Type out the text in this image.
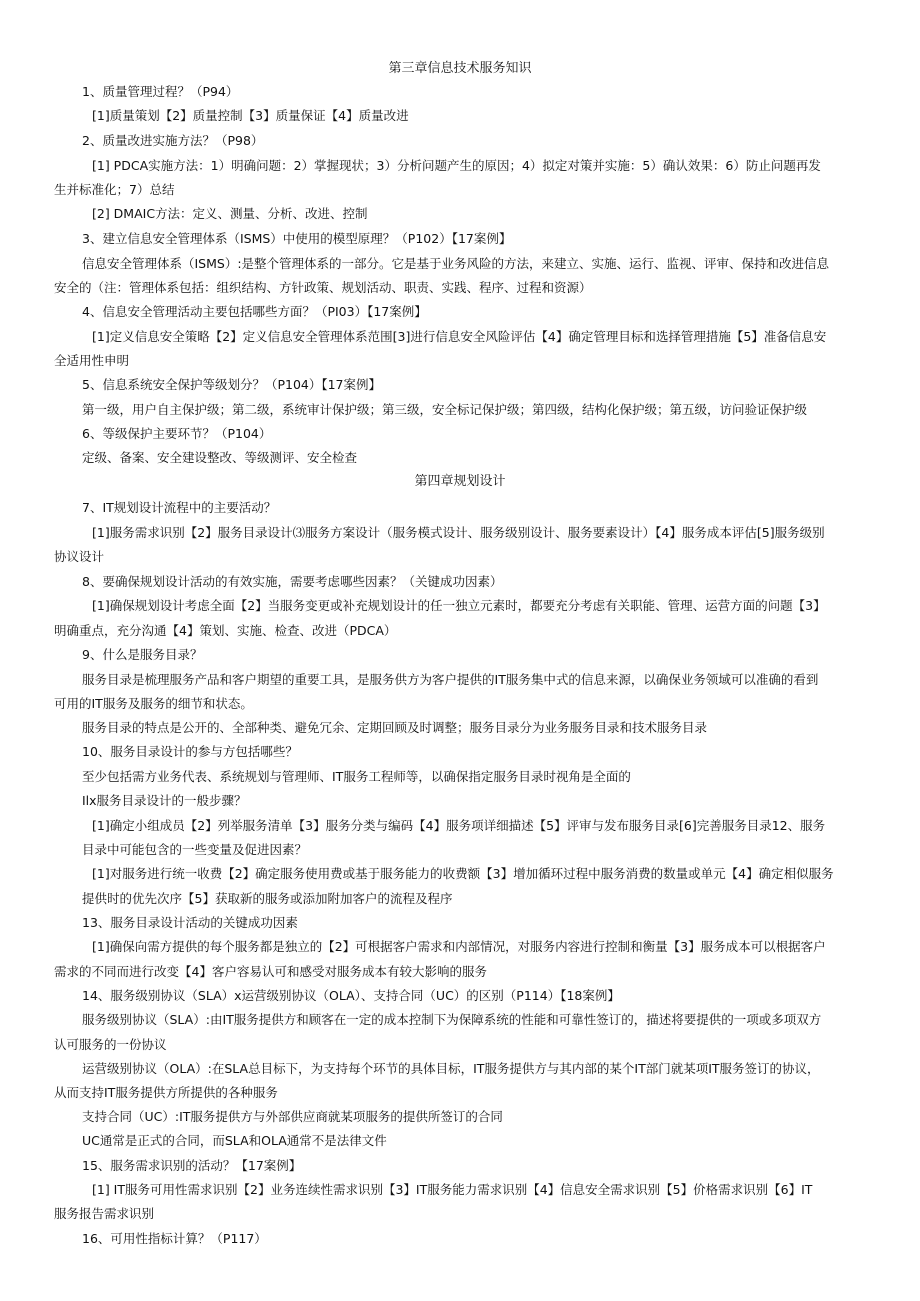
第三章信息技术服务知识
1、质量管理过程？（P94）
[1]质量策划【2】质量控制【3】质量保证【4】质量改进
2、质量改进实施方法？（P98）
[1] PDCA实施方法：1）明确问题：2）掌握现状；3）分析问题产生的原因；4）拟定对策并实施：5）确认效果：6）防止问题再发
生并标准化；7）总结
[2] DMAIC方法：定义、测量、分析、改进、控制
3、建立信息安全管理体系（ISMS）中使用的模型原理？（P102）【17案例】
信息安全管理体系（ISMS）:是整个管理体系的一部分。它是基于业务风险的方法，来建立、实施、运行、监视、评审、保持和改进信息
安全的（注：管理体系包括：组织结构、方针政策、规划活动、职责、实践、程序、过程和资源）
4、信息安全管理活动主要包括哪些方面？（PI03）【17案例】
[1]定义信息安全策略【2】定义信息安全管理体系范围[3]进行信息安全风险评估【4】确定管理目标和选择管理措施【5】准备信息安
全适用性申明
5、信息系统安全保护等级划分？（P104）【17案例】
第一级，用户自主保护级；第二级，系统审计保护级；第三级，安全标记保护级；第四级，结构化保护级；第五级，访问验证保护级
6、等级保护主要环节？（P104）
定级、备案、安全建设整改、等级测评、安全检查
第四章规划设计
7、IT规划设计流程中的主要活动？
[1]服务需求识别【2】服务目录设计⑶服务方案设计（服务模式设计、服务级别设计、服务要素设计）【4】服务成本评估[5]服务级别
协议设计
8、要确保规划设计活动的有效实施，需要考虑哪些因素？（关键成功因素）
[1]确保规划设计考虑全面【2】当服务变更或补充规划设计的任一独立元素时，都要充分考虑有关职能、管理、运营方面的问题【3】
明确重点，充分沟通【4】策划、实施、检查、改进（PDCA）
9、什么是服务目录？
服务目录是梳理服务产品和客户期望的重要工具，是服务供方为客户提供的IT服务集中式的信息来源，以确保业务领域可以准确的看到
可用的IT服务及服务的细节和状态。
服务目录的特点是公开的、全部种类、避免冗余、定期回顾及时调整；服务目录分为业务服务目录和技术服务目录
10、服务目录设计的参与方包括哪些？
至少包括需方业务代表、系统规划与管理师、IT服务工程师等，以确保指定服务目录时视角是全面的
Ilx服务目录设计的一般步骤？
[1]确定小组成员【2】列举服务清单【3】服务分类与编码【4】服务项详细描述【5】评审与发布服务目录[6]完善服务目录12、服务
目录中可能包含的一些变量及促进因素？
[1]对服务进行统一收费【2】确定服务使用费或基于服务能力的收费额【3】增加循环过程中服务消费的数量或单元【4】确定相似服务
提供时的优先次序【5】获取新的服务或添加附加客户的流程及程序
13、服务目录设计活动的关键成功因素
[1]确保向需方提供的每个服务都是独立的【2】可根据客户需求和内部情况，对服务内容进行控制和衡量【3】服务成本可以根据客户
需求的不同而进行改变【4】客户容易认可和感受对服务成本有较大影响的服务
14、服务级别协议（SLA）x运营级别协议（OLA）、支持合同（UC）的区别（P114）【18案例】
服务级别协议（SLA）:由IT服务提供方和顾客在一定的成本控制下为保障系统的性能和可靠性签订的，描述将要提供的一项或多项双方
认可服务的一份协议
运营级别协议（OLA）:在SLA总目标下，为支持每个环节的具体目标，IT服务提供方与其内部的某个IT部门就某项IT服务签订的协议，
从而支持IT服务提供方所提供的各种服务
支持合同（UC）:IT服务提供方与外部供应商就某项服务的提供所签订的合同
UC通常是正式的合同，而SLA和OLA通常不是法律文件
15、服务需求识别的活动？【17案例】
[1] IT服务可用性需求识别【2】业务连续性需求识别【3】IT服务能力需求识别【4】信息安全需求识别【5】价格需求识别【6】IT
服务报告需求识别
16、可用性指标计算？（P117）
